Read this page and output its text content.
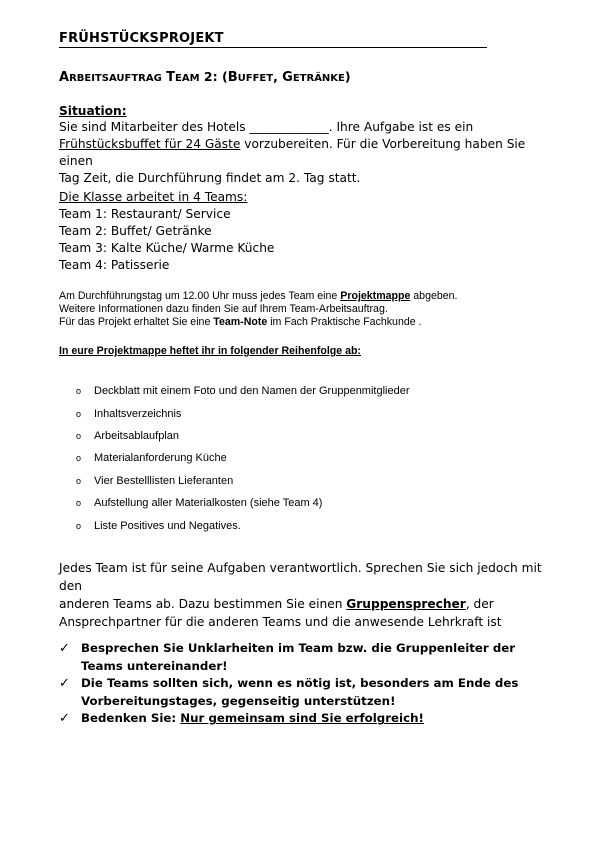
FRÜHSTÜCKSPROJEKT
ARBEITSAUFTRAG TEAM 2: (BUFFET, GETRÄNKE)
Situation:
Sie sind Mitarbeiter des Hotels _____________. Ihre Aufgabe ist es ein
Frühstücksbuffet für 24 Gäste vorzubereiten. Für die Vorbereitung haben Sie einen
Tag Zeit, die Durchführung findet am 2. Tag statt.
Die Klasse arbeitet in 4 Teams:
Team 1: Restaurant/ Service
Team 2: Buffet/ Getränke
Team 3: Kalte Küche/ Warme Küche
Team 4: Patisserie
Am Durchführungstag um 12.00 Uhr muss jedes Team eine Projektmappe abgeben.
Weitere Informationen dazu finden Sie auf Ihrem Team-Arbeitsauftrag.
Für das Projekt erhaltet Sie eine Team-Note im Fach Praktische Fachkunde .
In eure Projektmappe heftet ihr in folgender Reihenfolge ab:
o	Deckblatt mit einem Foto und den Namen der Gruppenmitglieder
o	Inhaltsverzeichnis
o	Arbeitsablaufplan
o	Materialanforderung Küche
o	Vier Bestelllisten Lieferanten
o	Aufstellung aller Materialkosten (siehe Team 4)
o	Liste Positives und Negatives.
Jedes Team ist für seine Aufgaben verantwortlich. Sprechen Sie sich jedoch mit den
anderen Teams ab. Dazu bestimmen Sie einen Gruppensprecher, der
Ansprechpartner für die anderen Teams und die anwesende Lehrkraft ist
✓ Besprechen Sie Unklarheiten im Team bzw. die Gruppenleiter der Teams untereinander!
✓ Die Teams sollten sich, wenn es nötig ist, besonders am Ende des Vorbereitungstages, gegenseitig unterstützen!
✓ Bedenken Sie: Nur gemeinsam sind Sie erfolgreich!
